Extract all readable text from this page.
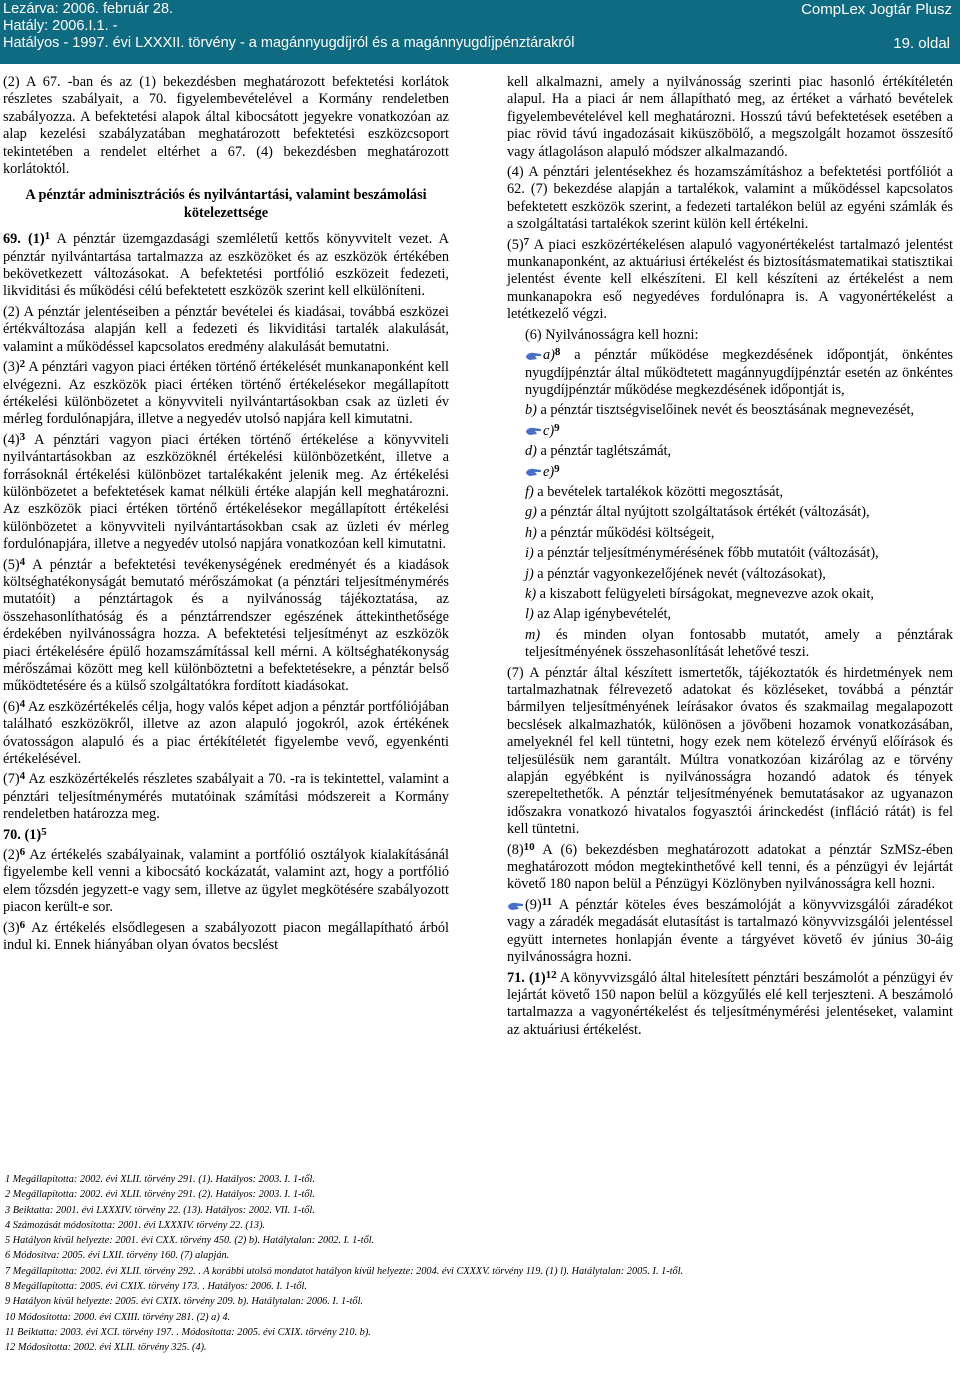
Lezárva: 2006. február 28.
Hatály: 2006.I.1. -
Hatályos - 1997. évi LXXXII. törvény - a magánnyugdíjról és a magánnyugdíjpénztárakról
CompLex Jogtár Plusz
19. oldal

(2) A 67. -ban és az (1) bekezdésben meghatározott befektetési korlátok részletes szabályait, a 70. figyelembevételével a Kormány rendeletben szabályozza. A befektetési alapok által kibocsátott jegyekre vonatkozóan az alap kezelési szabályzatában meghatározott befektetési eszközcsoport tekintetében a rendelet eltérhet a 67. (4) bekezdésben meghatározott korlátoktól.

A pénztár adminisztrációs és nyilvántartási, valamint beszámolási kötelezettsége

69. $(1)^1$ A pénztár üzemgazdasági szemléletű kettős könyvvitelt vezet. A pénztár nyilvántartása tartalmazza az eszközöket és az eszközök értékében bekövetkezett változásokat. A befektetési portfólió eszközeit fedezeti, likviditási és működési célú befektetett eszközök szerint kell elkülöníteni.

(2) A pénztár jelentéseiben a pénztár bevételei és kiadásai, továbbá eszközei értékváltozása alapján kell a fedezeti és likviditási tartalék alakulását, valamint a működéssel kapcsolatos eredmény alakulását bemutatni.

$(3)^2$ A pénztári vagyon piaci értéken történő értékelését munkanaponként kell elvégezni. Az eszközök piaci értéken történő értékelésekor megállapított értékelési különbözetet a könyvviteli nyilvántartásokban csak az üzleti év mérleg fordulónapjára, illetve a negyedév utolsó napjára kell kimutatni.

$(4)^3$ A pénztári vagyon piaci értéken történő értékelése a könyvviteli nyilvántartásokban az eszközöknél értékelési különbözetként, illetve a forrásoknál értékelési különbözet tartalékaként jelenik meg. Az értékelési különbözetet a befektetések kamat nélküli értéke alapján kell meghatározni. Az eszközök piaci értéken történő értékelésekor megállapított értékelési különbözetet a könyvviteli nyilvántartásokban csak az üzleti év mérleg fordulónapjára, illetve a negyedév utolsó napjára vonatkozóan kell kimutatni.

$(5)^4$ A pénztár a befektetési tevékenységének eredményét és a kiadások költséghatékonyságát bemutató mérőszámokat (a pénztári teljesítménymérés mutatóit) a pénztártagok és a nyilvánosság tájékoztatása, az összehasonlíthatóság és a pénztárrendszer egészének áttekinthetősége érdekében nyilvánosságra hozza. A befektetési teljesítményt az eszközök piaci értékelésére épülő hozamszámítással kell mérni. A költséghatékonyság mérőszámai között meg kell különböztetni a befektetésekre, a pénztár belső működtetésére és a külső szolgáltatókra fordított kiadásokat.

$(6)^4$ Az eszközértékelés célja, hogy valós képet adjon a pénztár portfóliójában található eszközökről, illetve az azon alapuló jogokról, azok értékének óvatosságon alapuló és a piac értékítéletét figyelembe vevő, egyenkénti értékelésével.

$(7)^4$ Az eszközértékelés részletes szabályait a 70. -ra is tekintettel, valamint a pénztári teljesítménymérés mutatóinak számítási módszereit a Kormány rendeletben határozza meg.

70. $(1)^5$

$(2)^6$ Az értékelés szabályainak, valamint a portfólió osztályok kialakításánál figyelembe kell venni a kibocsátó kockázatát, valamint azt, hogy a portfólió elem tőzsdén jegyzett-e vagy sem, illetve az ügylet megkötésére szabályozott piacon került-e sor.

$(3)^6$ Az értékelés elsődlegesen a szabályozott piacon megállapítható árból indul ki. Ennek hiányában olyan óvatos becslést

kell alkalmazni, amely a nyilvánosság szerinti piac hasonló értékítéletén alapul. Ha a piaci ár nem állapítható meg, az értéket a várható bevételek figyelembevételével kell meghatározni. Hosszú távú befektetések esetében a piac rövid távú ingadozásait kiküszöbölő, a megszolgált hozamot összesítő vagy átlagoláson alapuló módszer alkalmazandó.

(4) A pénztári jelentésekhez és hozamszámításhoz a befektetési portfóliót a 62. (7) bekezdése alapján a tartalékok, valamint a működéssel kapcsolatos befektetett eszközök szerint, a fedezeti tartalékon belül az egyéni számlák és a szolgáltatási tartalékok szerint külön kell értékelni.

$(5)^7$ A piaci eszközértékelésen alapuló vagyonértékelést tartalmazó jelentést munkanaponként, az aktuáriusi értékelést és biztosításmatematikai statisztikai jelentést évente kell elkészíteni. El kell készíteni az értékelést a nem munkanapokra eső negyedéves fordulónapra is. A vagyonértékelést a letétkezelő végzi.

(6) Nyilvánosságra kell hozni:

a)$^8$ a pénztár működése megkezdésének időpontját, önkéntes nyugdíjpénztár által működtetett magánnyugdíjpénztár esetén az önkéntes nyugdíjpénztár működése megkezdésének időpontját is,

b) a pénztár tisztségviselőinek nevét és beosztásának megnevezését,

c)$^9$

d) a pénztár taglétszámát,

e)$^9$

f) a bevételek tartalékok közötti megosztását,

g) a pénztár által nyújtott szolgáltatások értékét (változását),

h) a pénztár működési költségeit,

i) a pénztár teljesítménymérésének főbb mutatóit (változását),

j) a pénztár vagyonkezelőjének nevét (változásokat),

k) a kiszabott felügyeleti bírságokat, megnevezve azok okait,

l) az Alap igénybevételét,

m) és minden olyan fontosabb mutatót, amely a pénztárak teljesítményének összehasonlítását lehetővé teszi.

(7) A pénztár által készített ismertetők, tájékoztatók és hirdetmények nem tartalmazhatnak félrevezető adatokat és közléseket, továbbá a pénztár bármilyen teljesítményének leírásakor óvatos és szakmailag megalapozott becslések alkalmazhatók, különösen a jövőbeni hozamok vonatkozásában, amelyeknél fel kell tüntetni, hogy ezek nem kötelező érvényű előírások és teljesülésük nem garantált. Múltra vonatkozóan kizárólag az e törvény alapján egyébként is nyilvánosságra hozandó adatok és tények szerepeltethetők. A pénztár teljesítményének bemutatásakor az ugyanazon időszakra vonatkozó hivatalos fogyasztói árinckedést (infláció rátát) is fel kell tüntetni.

$(8)^{10}$ A (6) bekezdésben meghatározott adatokat a pénztár SzMSz-ében meghatározott módon megtekinthetővé kell tenni, és a pénzügyi év lejártát követő 180 napon belül a Pénzügyi Közlönyben nyilvánosságra kell hozni.

$(9)^{11}$ A pénztár köteles éves beszámolóját a könyvvizsgálói záradékot vagy a záradék megadását elutasítást is tartalmazó könyvvizsgálói jelentéssel együtt internetes honlapján évente a tárgyévet követő év június 30-áig nyilvánosságra hozni.

71. $(1)^{12}$ A könyvvizsgáló által hitelesített pénztári beszámolót a pénzügyi év lejártát követő 150 napon belül a közgyűlés elé kell terjeszteni. A beszámoló tartalmazza a vagyonértékelést és teljesítménymérési jelentéseket, valamint az aktuáriusi értékelést.

1 Megállapította: 2002. évi XLII. törvény 291. (1). Hatályos: 2003. I. 1-től.
2 Megállapította: 2002. évi XLII. törvény 291. (2). Hatályos: 2003. I. 1-től.
3 Beiktatta: 2001. évi LXXXIV. törvény 22. (13). Hatályos: 2002. VII. 1-től.
4 Számozását módosította: 2001. évi LXXXIV. törvény 22. (13).
5 Hatályon kívül helyezte: 2001. évi CXX. törvény 450. (2) b). Hatálytalan: 2002. I. 1-től.
6 Módosítva: 2005. évi LXII. törvény 160. (7) alapján.
7 Megállapította: 2002. évi XLII. törvény 292. . A korábbi utolsó mondatot hatályon kívül helyezte: 2004. évi CXXXV. törvény 119. (1) l). Hatálytalan: 2005. I. 1-től.
8 Megállapította: 2005. évi CXIX. törvény 173. . Hatályos: 2006. I. 1-től.
9 Hatályon kívül helyezte: 2005. évi CXIX. törvény 209. b). Hatálytalan: 2006. I. 1-től.
10 Módosította: 2000. évi CXIII. törvény 281. (2) a) 4.
11 Beiktatta: 2003. évi XCI. törvény 197. . Módosította: 2005. évi CXIX. törvény 210. b).
12 Módosította: 2002. évi XLII. törvény 325. (4).
